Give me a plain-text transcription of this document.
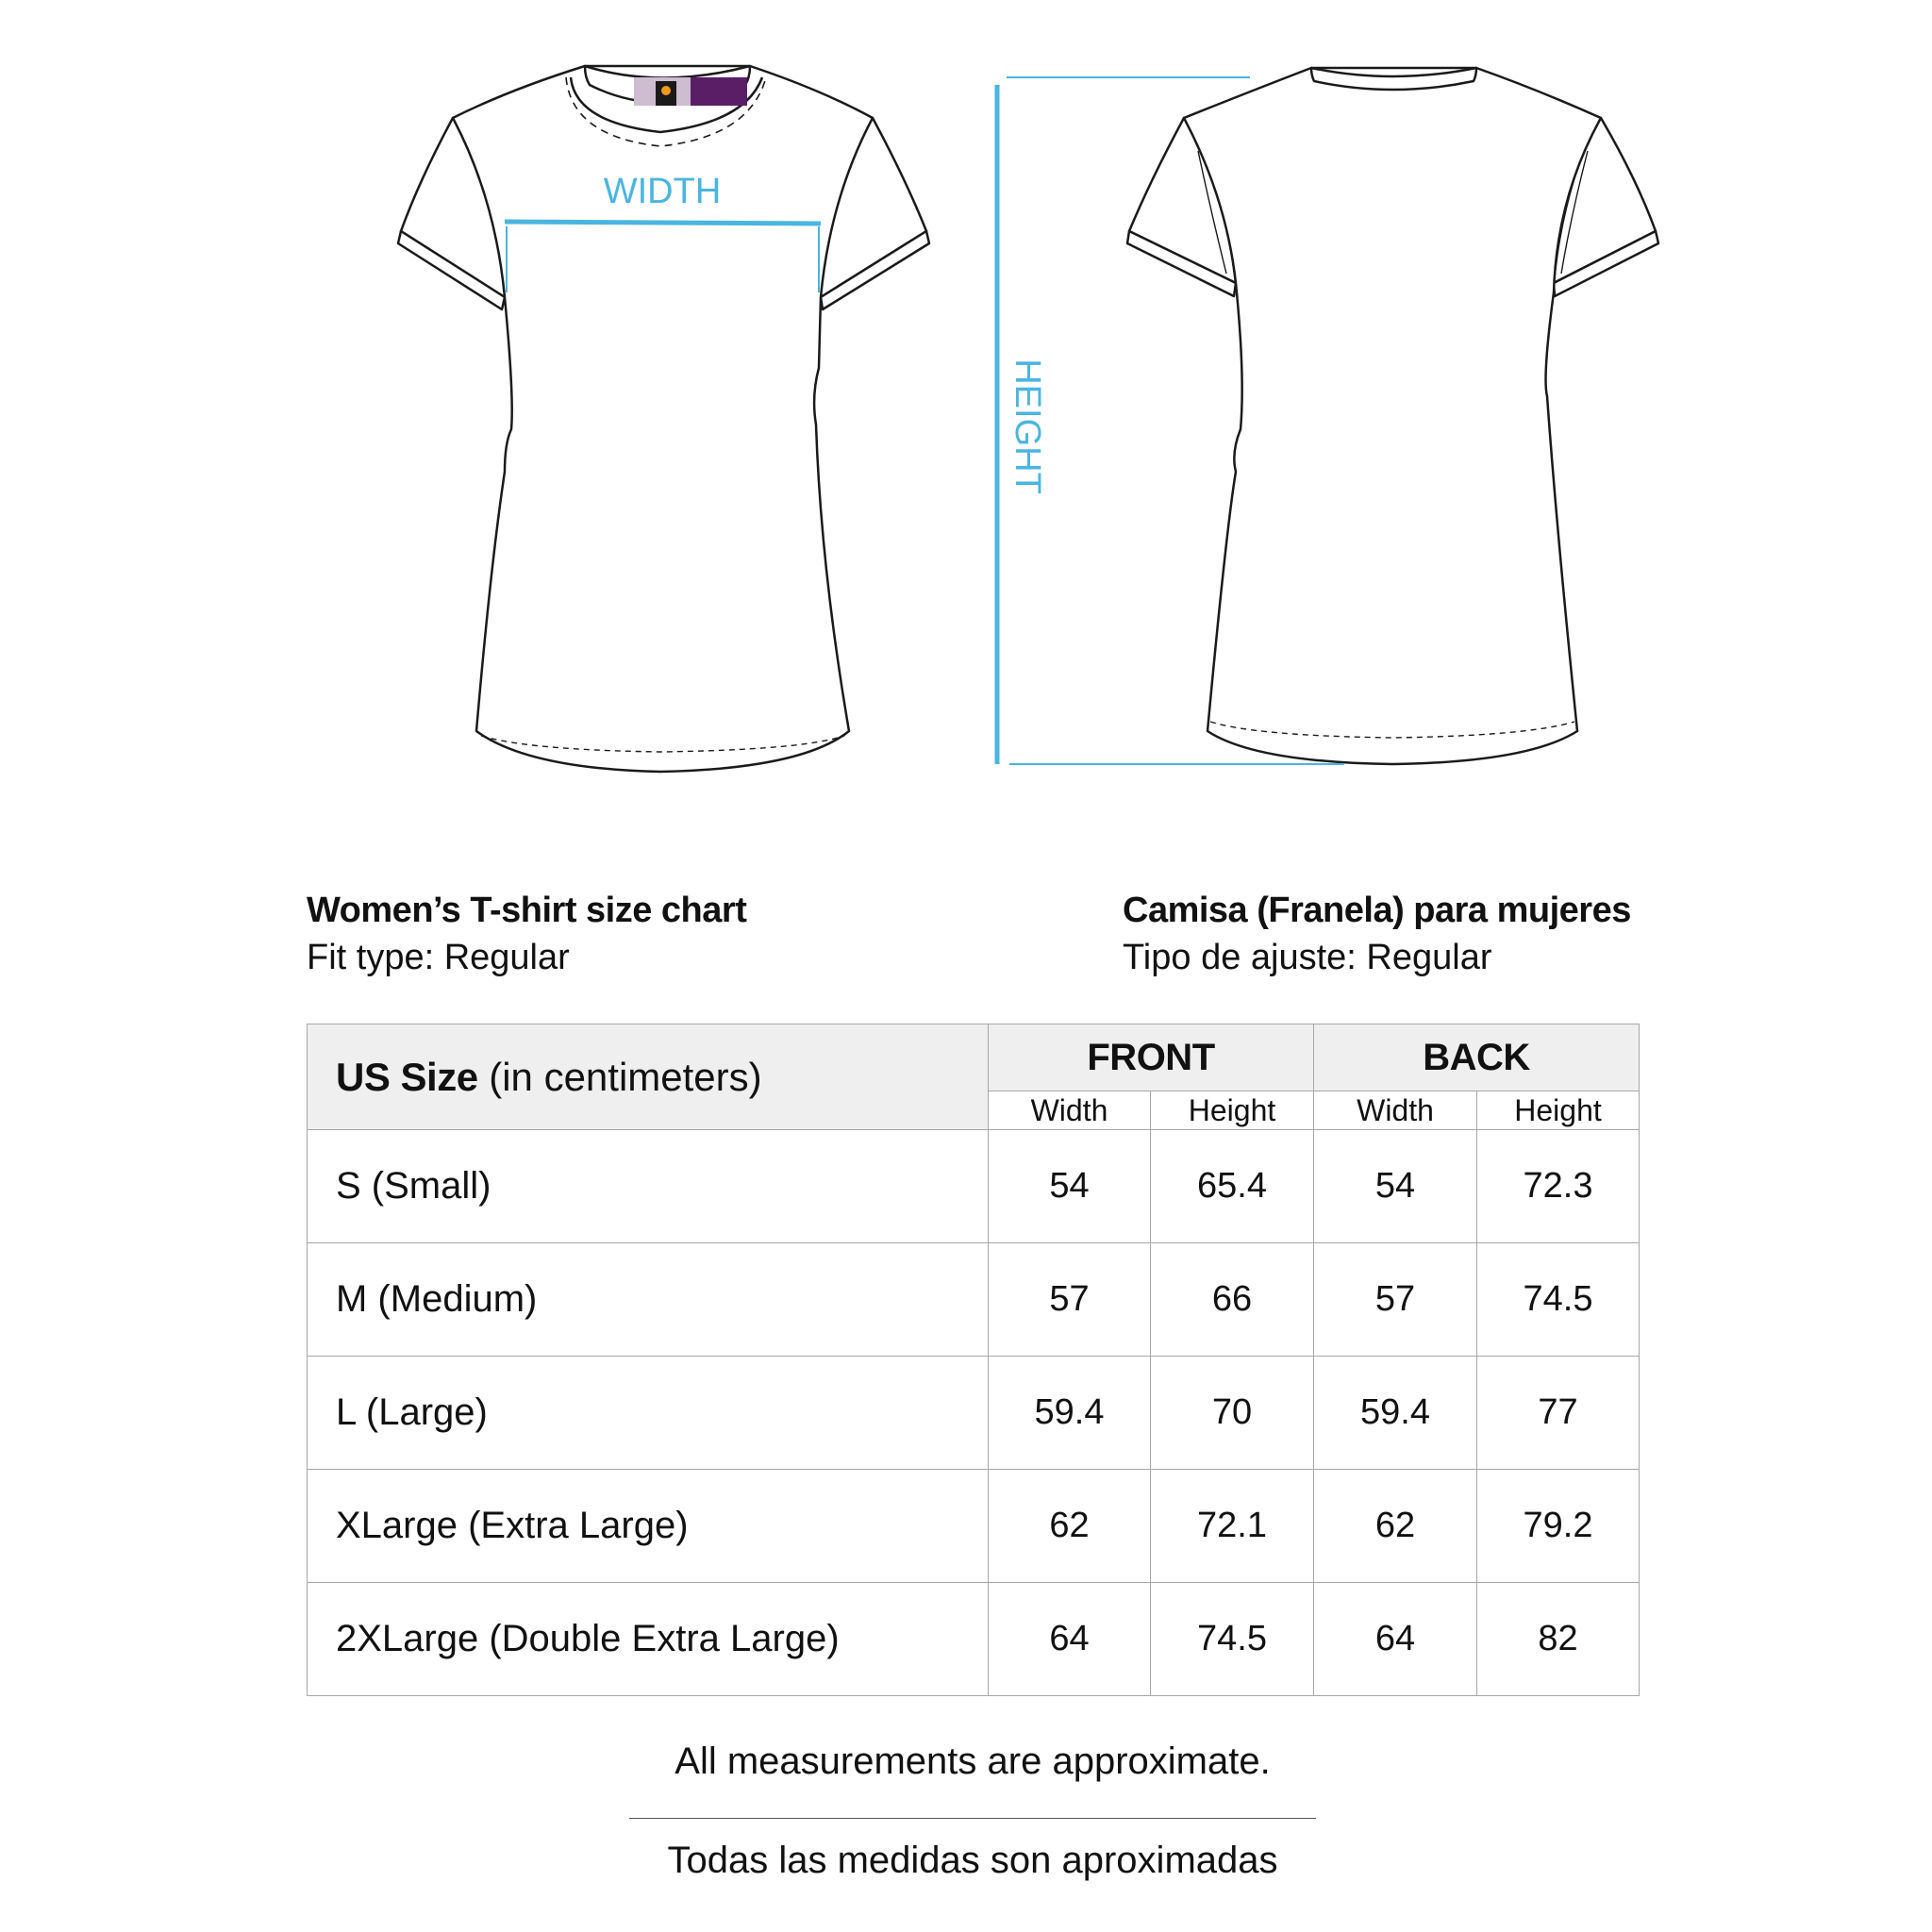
WIDTH
HEIGHT
Women’s T-shirt size chart
Fit type: Regular
Camisa (Franela) para mujeres
Tipo de ajuste: Regular
US Size (in centimeters)	FRONT		BACK	
	Width	Height	Width	Height
S (Small)	54	65.4	54	72.3
M (Medium)	57	66	57	74.5
L (Large)	59.4	70	59.4	77
XLarge (Extra Large)	62	72.1	62	79.2
2XLarge (Double Extra Large)	64	74.5	64	82
All measurements are approximate.
Todas las medidas son aproximadas
